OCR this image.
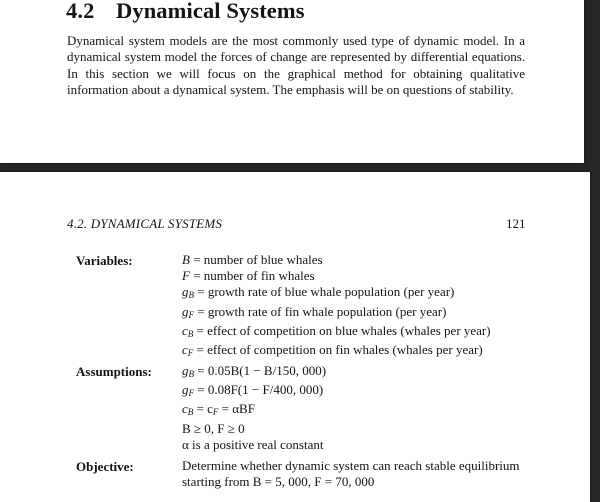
4.2 Dynamical Systems

Dynamical system models are the most commonly used type of dynamic model. In a dynamical system model the forces of change are represented by differential equations. In this section we will focus on the graphical method for obtaining qualitative information about a dynamical system. The emphasis will be on questions of stability.

4.2. DYNAMICAL SYSTEMS	121
Variables:	B = number of blue whales
F = number of fin whales
$g_B$ = growth rate of blue whale population (per year)
$g_F$ = growth rate of fin whale population (per year)
$c_B$ = effect of competition on blue whales (whales per year)
$c_F$ = effect of competition on fin whales (whales per year)
Assumptions: $g_B = 0.05B(1 - B/150$, 000)
$g_F = 0.08F(1 - F/400$, 000)
$c_B = c_F = \alpha BF$
B ≥ 0, F ≥ 0
α is a positive real constant
Objective:	Determine whether dynamic system can reach stable equilibrium
starting from B = 5, 000, F = 70, 000
